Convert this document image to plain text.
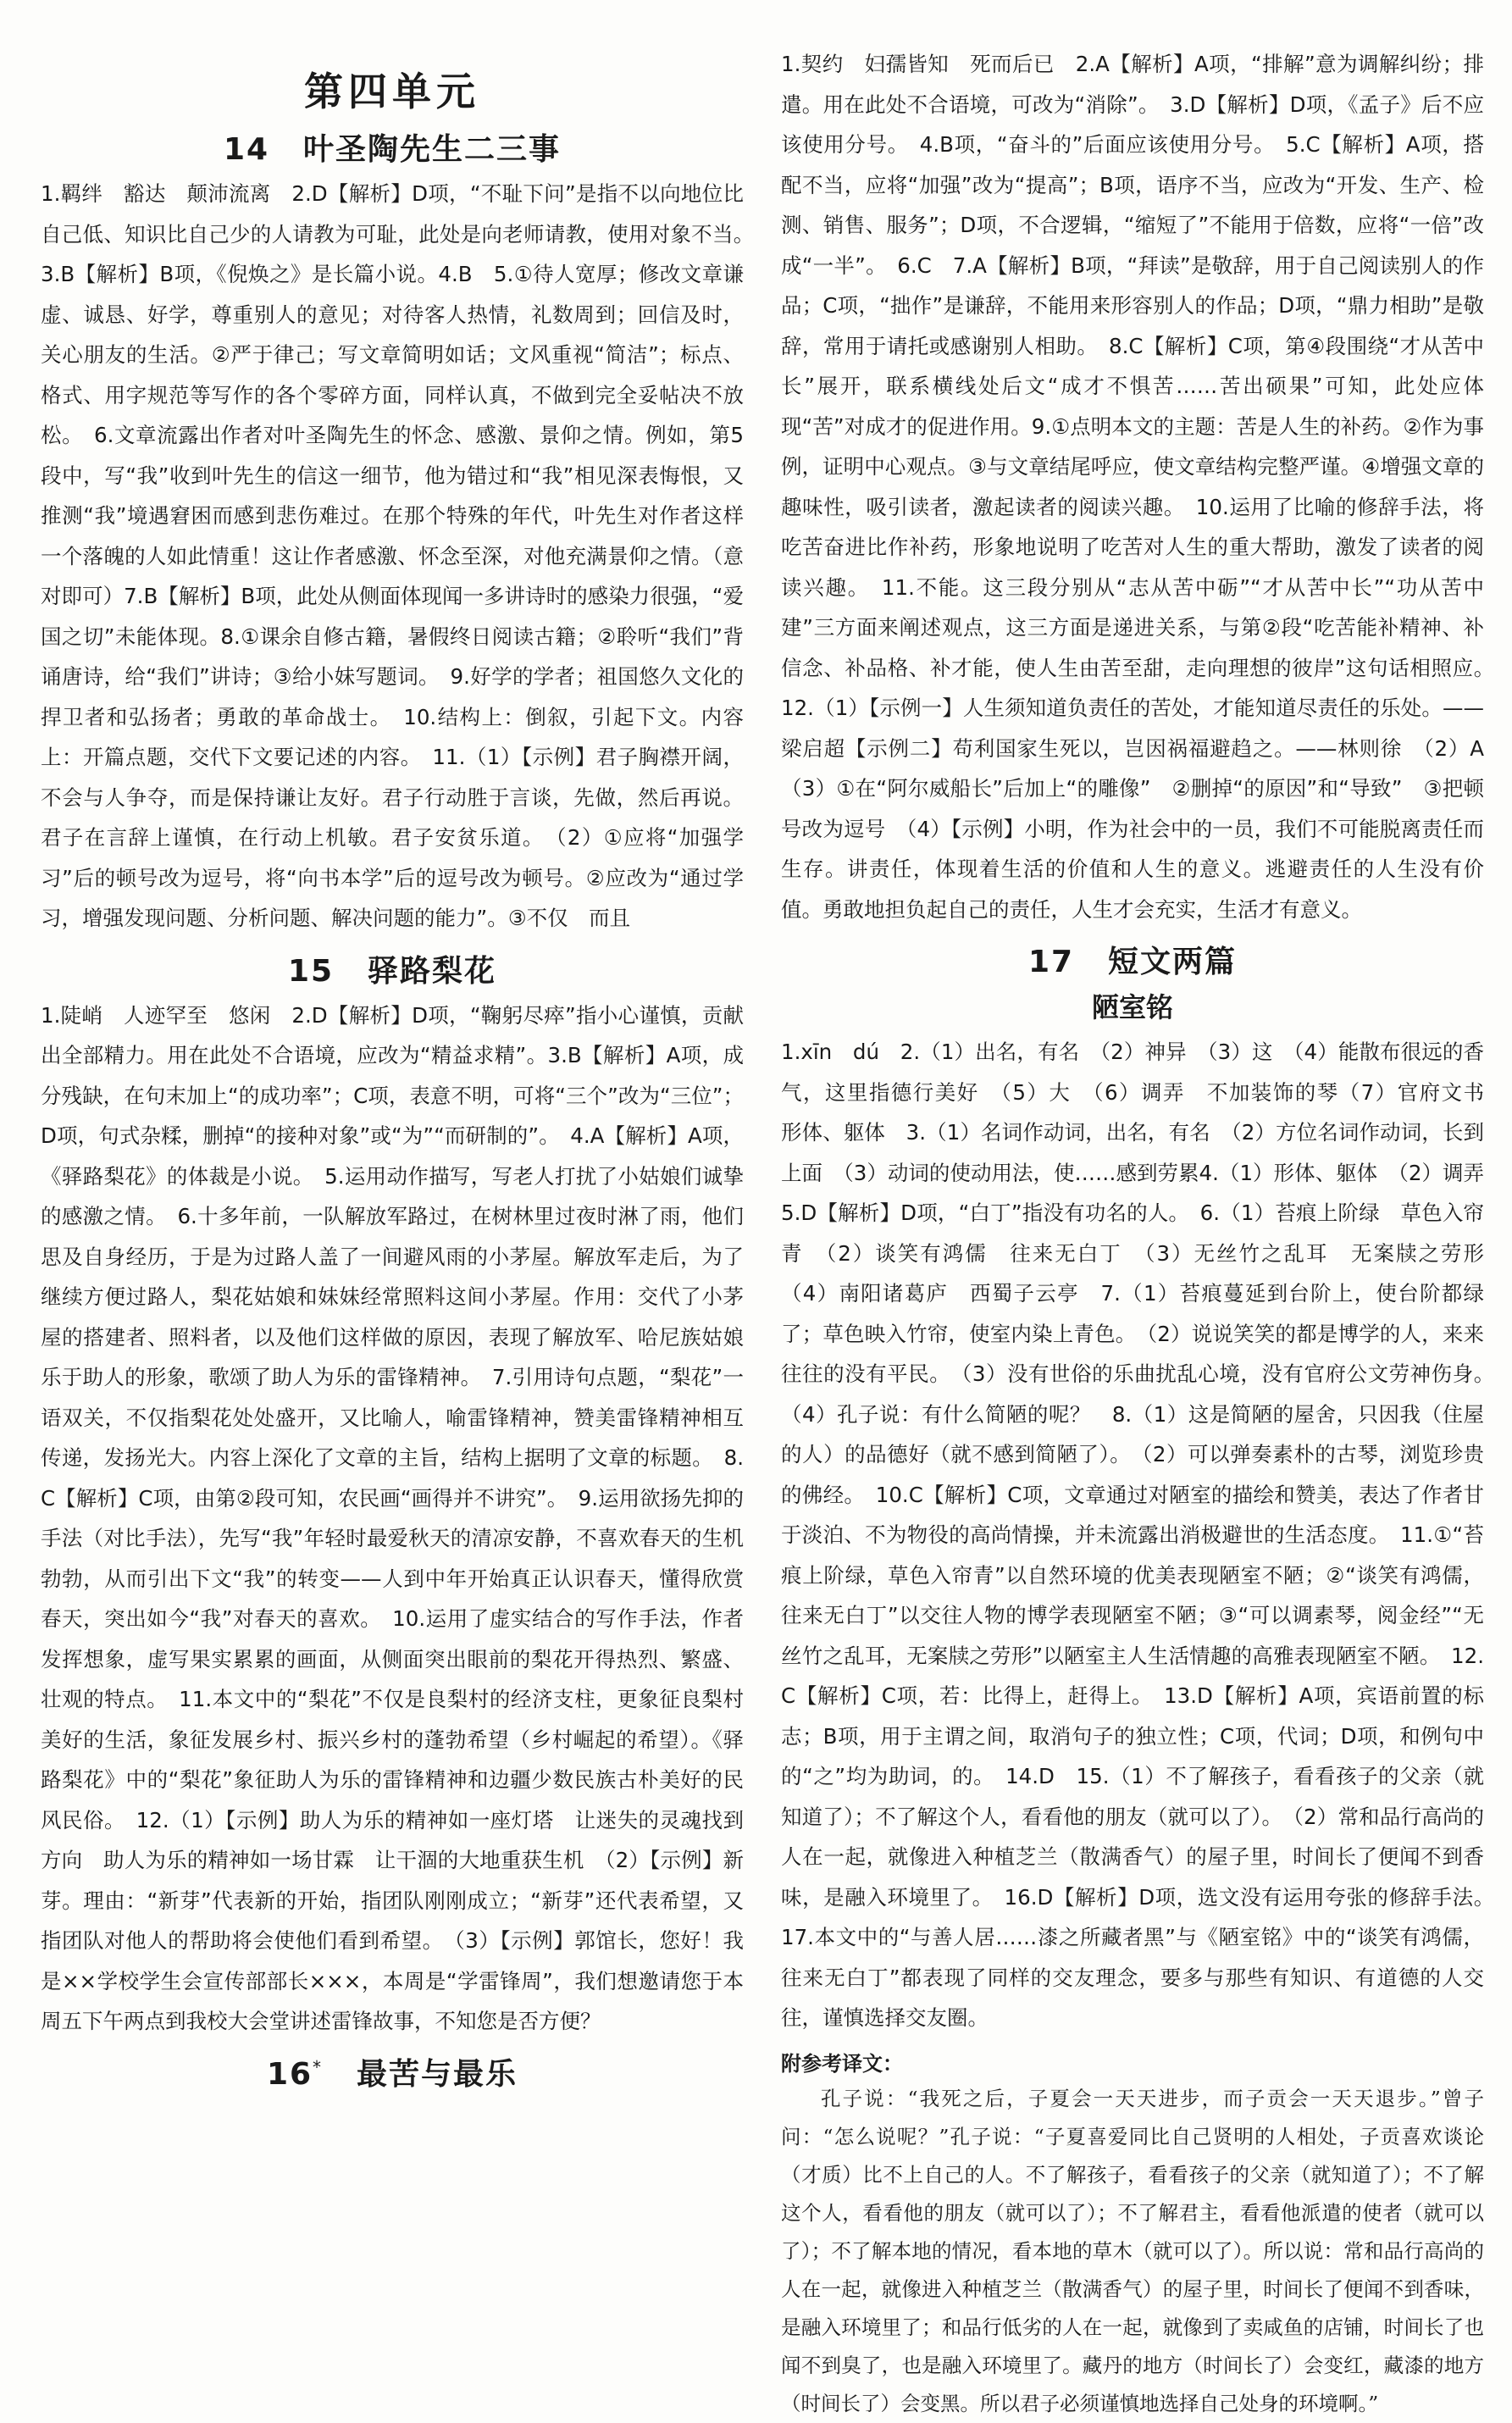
第四单元
14 叶圣陶先生二三事

1.羁绊　豁达　颠沛流离　2.D【解析】D项，“不耻下问”是指不以向地位比自己低、知识比自己少的人请教为可耻，此处是向老师请教，使用对象不当。　3.B【解析】B项，《倪焕之》是长篇小说。4.B　5.①待人宽厚；修改文章谦虚、诚恳、好学，尊重别人的意见；对待客人热情，礼数周到；回信及时，关心朋友的生活。②严于律己；写文章简明如话；文风重视“简洁”；标点、格式、用字规范等写作的各个零碎方面，同样认真，不做到完全妥帖决不放松。　6.文章流露出作者对叶圣陶先生的怀念、感激、景仰之情。例如，第5段中，写“我”收到叶先生的信这一细节，他为错过和“我”相见深表悔恨，又推测“我”境遇窘困而感到悲伤难过。在那个特殊的年代，叶先生对作者这样一个落魄的人如此情重！这让作者感激、怀念至深，对他充满景仰之情。（意对即可）7.B【解析】B项，此处从侧面体现闻一多讲诗时的感染力很强，“爱国之切”未能体现。8.①课余自修古籍，暑假终日阅读古籍；②聆听“我们”背诵唐诗，给“我们”讲诗；③给小妹写题词。　9.好学的学者；祖国悠久文化的捍卫者和弘扬者；勇敢的革命战士。　10.结构上：倒叙，引起下文。内容上：开篇点题，交代下文要记述的内容。　11.（1）【示例】君子胸襟开阔，不会与人争夺，而是保持谦让友好。君子行动胜于言谈，先做，然后再说。君子在言辞上谨慎，在行动上机敏。君子安贫乐道。　（2）①应将“加强学习”后的顿号改为逗号，将“向书本学”后的逗号改为顿号。②应改为“通过学习，增强发现问题、分析问题、解决问题的能力”。③不仅　而且

15 驿路梨花

1.陡峭　人迹罕至　悠闲　2.D【解析】D项，“鞠躬尽瘁”指小心谨慎，贡献出全部精力。用在此处不合语境，应改为“精益求精”。3.B【解析】A项，成分残缺，在句末加上“的成功率”；C项，表意不明，可将“三个”改为“三位”；D项，句式杂糅，删掉“的接种对象”或“为”“而研制的”。　4.A【解析】A项，《驿路梨花》的体裁是小说。　5.运用动作描写，写老人打扰了小姑娘们诚挚的感激之情。　6.十多年前，一队解放军路过，在树林里过夜时淋了雨，他们思及自身经历，于是为过路人盖了一间避风雨的小茅屋。解放军走后，为了继续方便过路人，梨花姑娘和妹妹经常照料这间小茅屋。作用：交代了小茅屋的搭建者、照料者，以及他们这样做的原因，表现了解放军、哈尼族姑娘乐于助人的形象，歌颂了助人为乐的雷锋精神。　7.引用诗句点题，“梨花”一语双关，不仅指梨花处处盛开，又比喻人，喻雷锋精神，赞美雷锋精神相互传递，发扬光大。内容上深化了文章的主旨，结构上据明了文章的标题。　8.C【解析】C项，由第②段可知，农民画“画得并不讲究”。　9.运用欲扬先抑的手法（对比手法），先写“我”年轻时最爱秋天的清凉安静，不喜欢春天的生机勃勃，从而引出下文“我”的转变——人到中年开始真正认识春天，懂得欣赏春天，突出如今“我”对春天的喜欢。　10.运用了虚实结合的写作手法，作者发挥想象，虚写果实累累的画面，从侧面突出眼前的梨花开得热烈、繁盛、壮观的特点。　11.本文中的“梨花”不仅是良梨村的经济支柱，更象征良梨村美好的生活，象征发展乡村、振兴乡村的蓬勃希望（乡村崛起的希望）。《驿路梨花》中的“梨花”象征助人为乐的雷锋精神和边疆少数民族古朴美好的民风民俗。　12.（1）【示例】助人为乐的精神如一座灯塔　让迷失的灵魂找到方向　助人为乐的精神如一场甘霖　让干涸的大地重获生机　（2）【示例】新芽。理由：“新芽”代表新的开始，指团队刚刚成立；“新芽”还代表希望，又指团队对他人的帮助将会使他们看到希望。　（3）【示例】郭馆长，您好！我是××学校学生会宣传部部长×××，本周是“学雷锋周”，我们想邀请您于本周五下午两点到我校大会堂讲述雷锋故事，不知您是否方便？

16* 最苦与最乐

1.契约　妇孺皆知　死而后已　2.A【解析】A项，“排解”意为调解纠纷；排遣。用在此处不合语境，可改为“消除”。　3.D【解析】D项，《孟子》后不应该使用分号。　4.B项，“奋斗的”后面应该使用分号。　5.C【解析】A项，搭配不当，应将“加强”改为“提高”；B项，语序不当，应改为“开发、生产、检测、销售、服务”；D项，不合逻辑，“缩短了”不能用于倍数，应将“一倍”改成“一半”。　6.C　7.A【解析】B项，“拜读”是敬辞，用于自己阅读别人的作品；C项，“拙作”是谦辞，不能用来形容别人的作品；D项，“鼎力相助”是敬辞，常用于请托或感谢别人相助。　8.C【解析】C项，第④段围绕“才从苦中长”展开，联系横线处后文“成才不惧苦……苦出硕果”可知，此处应体现“苦”对成才的促进作用。9.①点明本文的主题：苦是人生的补药。②作为事例，证明中心观点。③与文章结尾呼应，使文章结构完整严谨。④增强文章的趣味性，吸引读者，激起读者的阅读兴趣。　10.运用了比喻的修辞手法，将吃苦奋进比作补药，形象地说明了吃苦对人生的重大帮助，激发了读者的阅读兴趣。　11.不能。这三段分别从“志从苦中砺”“才从苦中长”“功从苦中建”三方面来阐述观点，这三方面是递进关系，与第②段“吃苦能补精神、补信念、补品格、补才能，使人生由苦至甜，走向理想的彼岸”这句话相照应。　12.（1）【示例一】人生须知道负责任的苦处，才能知道尽责任的乐处。——梁启超【示例二】苟利国家生死以，岂因祸福避趋之。——林则徐　（2）A　（3）①在“阿尔威船长”后加上“的雕像”　②删掉“的原因”和“导致”　③把顿号改为逗号　（4）【示例】小明，作为社会中的一员，我们不可能脱离责任而生存。讲责任，体现着生活的价值和人生的意义。逃避责任的人生没有价值。勇敢地担负起自己的责任，人生才会充实，生活才有意义。

17 短文两篇
陋室铭

1.xīn　dú　2.（1）出名，有名　（2）神异　（3）这　（4）能散布很远的香气，这里指德行美好　（5）大　（6）调弄　不加装饰的琴（7）官府文书　形体、躯体　3.（1）名词作动词，出名，有名　（2）方位名词作动词，长到上面　（3）动词的使动用法，使……感到劳累4.（1）形体、躯体　（2）调弄　5.D【解析】D项，“白丁”指没有功名的人。　6.（1）苔痕上阶绿　草色入帘青　（2）谈笑有鸿儒　往来无白丁　（3）无丝竹之乱耳　无案牍之劳形　（4）南阳诸葛庐　西蜀子云亭　7.（1）苔痕蔓延到台阶上，使台阶都绿了；草色映入竹帘，使室内染上青色。　（2）说说笑笑的都是博学的人，来来往往的没有平民。　（3）没有世俗的乐曲扰乱心境，没有官府公文劳神伤身。　（4）孔子说：有什么简陋的呢？　8.（1）这是简陋的屋舍，只因我（住屋的人）的品德好（就不感到简陋了）。　（2）可以弹奏素朴的古琴，浏览珍贵的佛经。　10.C【解析】C项，文章通过对陋室的描绘和赞美，表达了作者甘于淡泊、不为物役的高尚情操，并未流露出消极避世的生活态度。　11.①“苔痕上阶绿，草色入帘青”以自然环境的优美表现陋室不陋；②“谈笑有鸿儒，往来无白丁”以交往人物的博学表现陋室不陋；③“可以调素琴，阅金经”“无丝竹之乱耳，无案牍之劳形”以陋室主人生活情趣的高雅表现陋室不陋。　12.C【解析】C项，若：比得上，赶得上。　13.D【解析】A项，宾语前置的标志；B项，用于主谓之间，取消句子的独立性；C项，代词；D项，和例句中的“之”均为助词，的。　14.D　15.（1）不了解孩子，看看孩子的父亲（就知道了）；不了解这个人，看看他的朋友（就可以了）。　（2）常和品行高尚的人在一起，就像进入种植芝兰（散满香气）的屋子里，时间长了便闻不到香味，是融入环境里了。　16.D【解析】D项，选文没有运用夸张的修辞手法。　17.本文中的“与善人居……漆之所藏者黑”与《陋室铭》中的“谈笑有鸿儒，往来无白丁”都表现了同样的交友理念，要多与那些有知识、有道德的人交往，谨慎选择交友圈。

附参考译文：

孔子说：“我死之后，子夏会一天天进步，而子贡会一天天退步。”曾子问：“怎么说呢？”孔子说：“子夏喜爱同比自己贤明的人相处，子贡喜欢谈论（才质）比不上自己的人。不了解孩子，看看孩子的父亲（就知道了）；不了解这个人，看看他的朋友（就可以了）；不了解君主，看看他派遣的使者（就可以了）；不了解本地的情况，看本地的草木（就可以了）。所以说：常和品行高尚的人在一起，就像进入种植芝兰（散满香气）的屋子里，时间长了便闻不到香味，是融入环境里了；和品行低劣的人在一起，就像到了卖咸鱼的店铺，时间长了也闻不到臭了，也是融入环境里了。藏丹的地方（时间长了）会变红，藏漆的地方（时间长了）会变黑。所以君子必须谨慎地选择自己处身的环境啊。”
